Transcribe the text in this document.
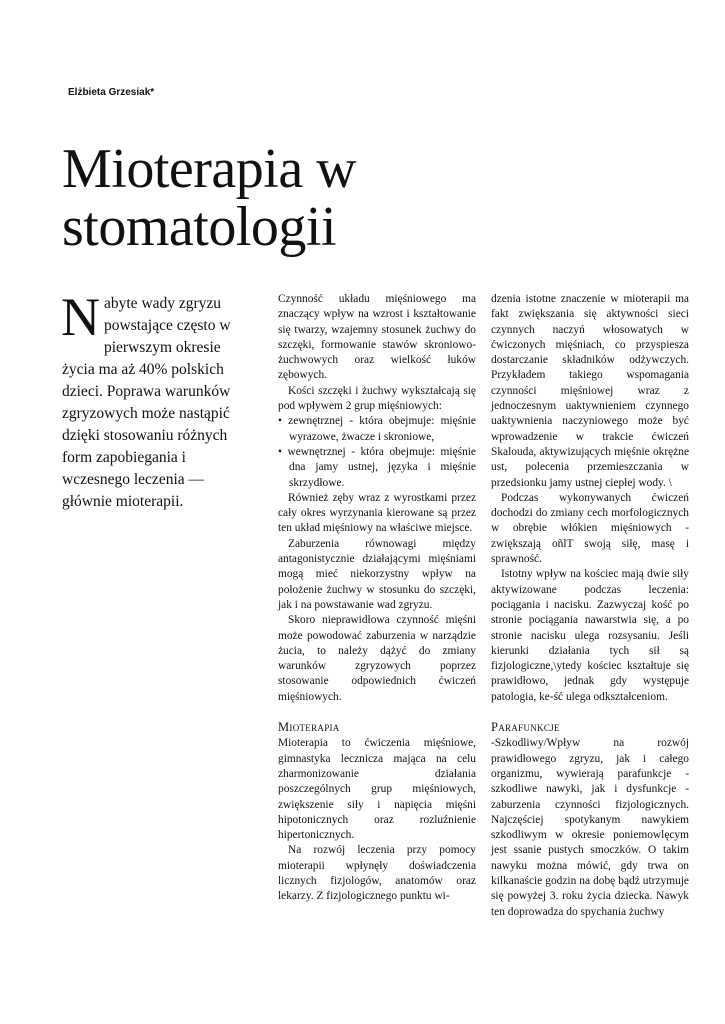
Elżbieta Grzesiak*
Mioterapia w stomatologii

Nabyte wady zgryzu powstające często w pierwszym okresie życia ma aż 40% polskich dzieci. Poprawa warunków zgryzowych może nastąpić dzięki stosowaniu różnych form zapobiegania i wczesnego leczenia — głównie mioterapii.

Czynność układu mięśniowego ma znaczący wpływ na wzrost i kształtowanie się twarzy, wzajemny stosunek żuchwy do szczęki, formowanie stawów skroniowo-żuchwowych oraz wielkość łuków zębowych.

Kości szczęki i żuchwy wykształcają się pod wpływem 2 grup mięśniowych:

• zewnętrznej - która obejmuje: mięśnie wyrazowe, żwacze i skroniowe,
• wewnętrznej - która obejmuje: mięśnie dna jamy ustnej, języka i mięśnie skrzydłowe.

Również zęby wraz z wyrostkami przez cały okres wyrzynania kierowane są przez ten układ mięśniowy na właściwe miejsce.

Zaburzenia równowagi między antagonistycznie działającymi mięśniami mogą mieć niekorzystny wpływ na położenie żuchwy w stosunku do szczęki, jak i na powstawanie wad zgryzu.

Skoro nieprawidłowa czynność mięśni może powodować zaburzenia w narządzie żucia, to należy dążyć do zmiany warunków zgryzowych poprzez stosowanie odpowiednich ćwiczeń mięśniowych.

Mioterapia

Mioterapia to ćwiczenia mięśniowe, gimnastyka lecznicza mająca na celu zharmonizowanie działania poszczególnych grup mięśniowych, zwiększenie siły i napięcia mięśni hipotonicznych oraz rozluźnienie hipertonicznych.

Na rozwój leczenia przy pomocy mioterapii wpłynęły doświadczenia licznych fizjologów, anatomów oraz lekarzy. Z fizjologicznego punktu wi-

dzenia istotne znaczenie w mioterapii ma fakt zwiększania się aktywności sieci czynnych naczyń włosowatych w ćwiczonych mięśniach, co przyspiesza dostarczanie składników odżywczych. Przykładem takiego wspomagania czynności mięśniowej wraz z jednoczesnym uaktywnieniem czynnego uaktywnienia naczyniowego może być wprowadzenie w trakcie ćwiczeń Skalouda, aktywizujących mięśnie okrężne ust, polecenia przemieszczania w przedsionku jamy ustnej ciepłej wody. \

Podczas wykonywanych ćwiczeń dochodzi do zmiany cech morfologicznych w obrębie włókien mięśniowych - zwiększają oñlT swoją siłę, masę i sprawność.

Istotny wpływ na kościec mają dwie siły aktywizowane podczas leczenia: pociągania i nacisku. Zazwyczaj kość po stronie pociągania nawarstwia się, a po stronie nacisku ulega rozsysaniu. Jeśli kierunki działania tych sił są fizjologiczne,\ytedy kościec kształtuje się prawidłowo, jednak gdy występuje patologia, ke-ść ulega odkształceniom.

Parafunkcje

-Szkodliwy/Wpływ na rozwój prawidłowego zgryzu, jak i całego organizmu, wywierają parafunkcje - szkodliwe nawyki, jak i dysfunkcje - zaburzenia czynności fizjologicznych. Najczęściej spotykanym nawykiem szkodliwym w okresie poniemowlęcym jest ssanie pustych smoczków. O takim nawyku można mówić, gdy trwa on kilkanaście godzin na dobę bądź utrzymuje się powyżej 3. roku życia dziecka. Nawyk ten doprowadza do spychania żuchwy
